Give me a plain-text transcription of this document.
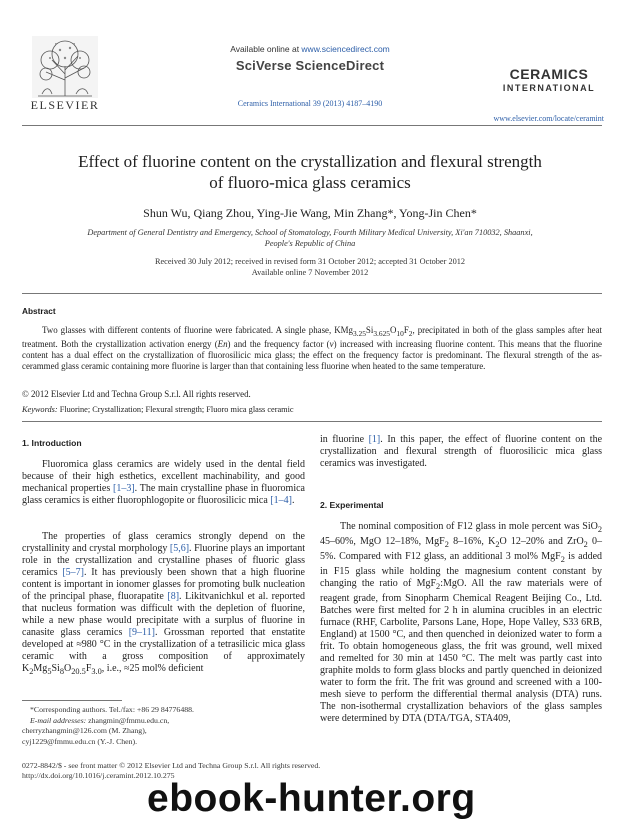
ELSEVIER
Available online at www.sciencedirect.com
SciVerse ScienceDirect
Ceramics International 39 (2013) 4187–4190
CERAMICS
INTERNATIONAL
www.elsevier.com/locate/ceramint
Effect of fluorine content on the crystallization and flexural strength
of fluoro-mica glass ceramics
Shun Wu, Qiang Zhou, Ying-Jie Wang, Min Zhang*, Yong-Jin Chen*
Department of General Dentistry and Emergency, School of Stomatology, Fourth Military Medical University, Xi'an 710032, Shaanxi,
People's Republic of China
Received 30 July 2012; received in revised form 31 October 2012; accepted 31 October 2012
Available online 7 November 2012
Abstract
Two glasses with different contents of fluorine were fabricated. A single phase, $KMg_{3.25}Si_{3.625}O_{10}F_2$, precipitated in both of the glass samples after heat treatment. Both the crystallization activation energy (En) and the frequency factor (v) increased with increasing fluorine content. This means that the fluorine content has a dual effect on the crystallization of fluorosilicic mica glass; the effect on the frequency factor is predominant. The flexural strength of the as-cerammed glass ceramic containing more fluorine is larger than that containing less fluorine when heated to the same temperature.
© 2012 Elsevier Ltd and Techna Group S.r.l. All rights reserved.
Keywords: Fluorine; Crystallization; Flexural strength; Fluoro mica glass ceramic
1. Introduction
Fluoromica glass ceramics are widely used in the dental field because of their high esthetics, excellent machinability, and good mechanical properties [1–3]. The main crystalline phase in fluoromica glass ceramics is either fluorophlogopite or fluorosilicic mica [1–4].
The properties of glass ceramics strongly depend on the crystallinity and crystal morphology [5,6]. Fluorine plays an important role in the crystallization and crystalline phases of fluoric glass ceramics [5–7]. It has previously been shown that a high fluorine content is important in ionomer glasses for promoting bulk nucleation of the principal phase, fluorapatite [8]. Likitvanichkul et al. reported that nucleus formation was difficult with the depletion of fluorine, while a new phase would precipitate with a surplus of fluorine in canasite glass ceramics [9–11]. Grossman reported that enstatite developed at ≈980 °C in the crystallization of a tetrasilicic mica glass ceramic with a gross composition of approximately $K_2Mg_5Si_8O_{20.5}F_{3.0}$, i.e., ≈25 mol% deficient
in fluorine [1]. In this paper, the effect of fluorine content on the crystallization and flexural strength of fluorosilicic mica glass ceramics was investigated.
2. Experimental
The nominal composition of F12 glass in mole percent was SiO$_2$ 45–60%, MgO 12–18%, MgF$_2$ 8–16%, $K_2O$ 12–20% and ZrO$_2$ 0–5%. Compared with F12 glass, an additional 3 mol% MgF$_2$ is added in F15 glass while holding the magnesium content constant by changing the ratio of MgF$_2$:MgO. All the raw materials were of reagent grade, from Sinopharm Chemical Reagent Beijing Co., Ltd. Batches were first melted for 2 h in alumina crucibles in an electric furnace (RHF, Carbolite, Parsons Lane, Hope, Hope Valley, S33 6RB, England) at 1500 °C, and then quenched in deionized water to form a frit. To obtain homogeneous glass, the frit was ground, well mixed and remelted for 30 min at 1450 °C. The melt was partly cast into graphite molds to form glass blocks and partly quenched in deionized water to form the frit. The frit was ground and screened with a 100-mesh sieve to perform the differential thermal analysis (DTA) runs. The non-isothermal crystallization behaviors of the glass samples were determined by DTA (DTA/TGA, STA409,
*Corresponding authors. Tel./fax: +86 29 84776488.
E-mail addresses: zhangmin@fmmu.edu.cn,
cherryzhangmin@126.com (M. Zhang),
cyj1229@fmmu.edu.cn (Y.-J. Chen).
0272-8842/$ - see front matter © 2012 Elsevier Ltd and Techna Group S.r.l. All rights reserved.
http://dx.doi.org/10.1016/j.ceramint.2012.10.275
ebook-hunter.org
